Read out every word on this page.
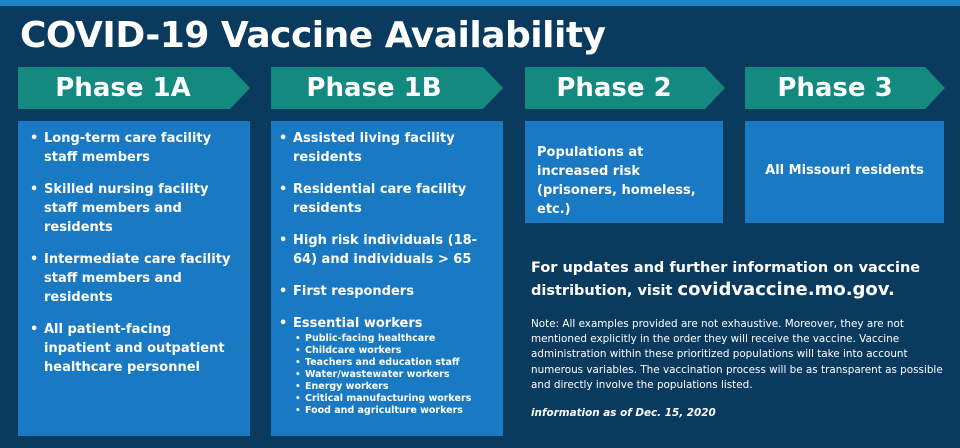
COVID-19 Vaccine Availability
Phase 1A	Phase 1B	Phase 2	Phase 3
• Long-term care facility staff members
• Skilled nursing facility staff members and residents
• Intermediate care facility staff members and residents
• All patient-facing inpatient and outpatient healthcare personnel
• Assisted living facility residents
• Residential care facility residents
• High risk individuals (18-64) and individuals > 65
• First responders
• Essential workers
• Public-facing healthcare
• Childcare workers
• Teachers and education staff
• Water/wastewater workers
• Energy workers
• Critical manufacturing workers
• Food and agriculture workers
Populations at increased risk (prisoners, homeless, etc.)
All Missouri residents
For updates and further information on vaccine distribution, visit covidvaccine.mo.gov.
Note: All examples provided are not exhaustive. Moreover, they are not mentioned explicitly in the order they will receive the vaccine. Vaccine administration within these prioritized populations will take into account numerous variables. The vaccination process will be as transparent as possible and directly involve the populations listed.
information as of Dec. 15, 2020
